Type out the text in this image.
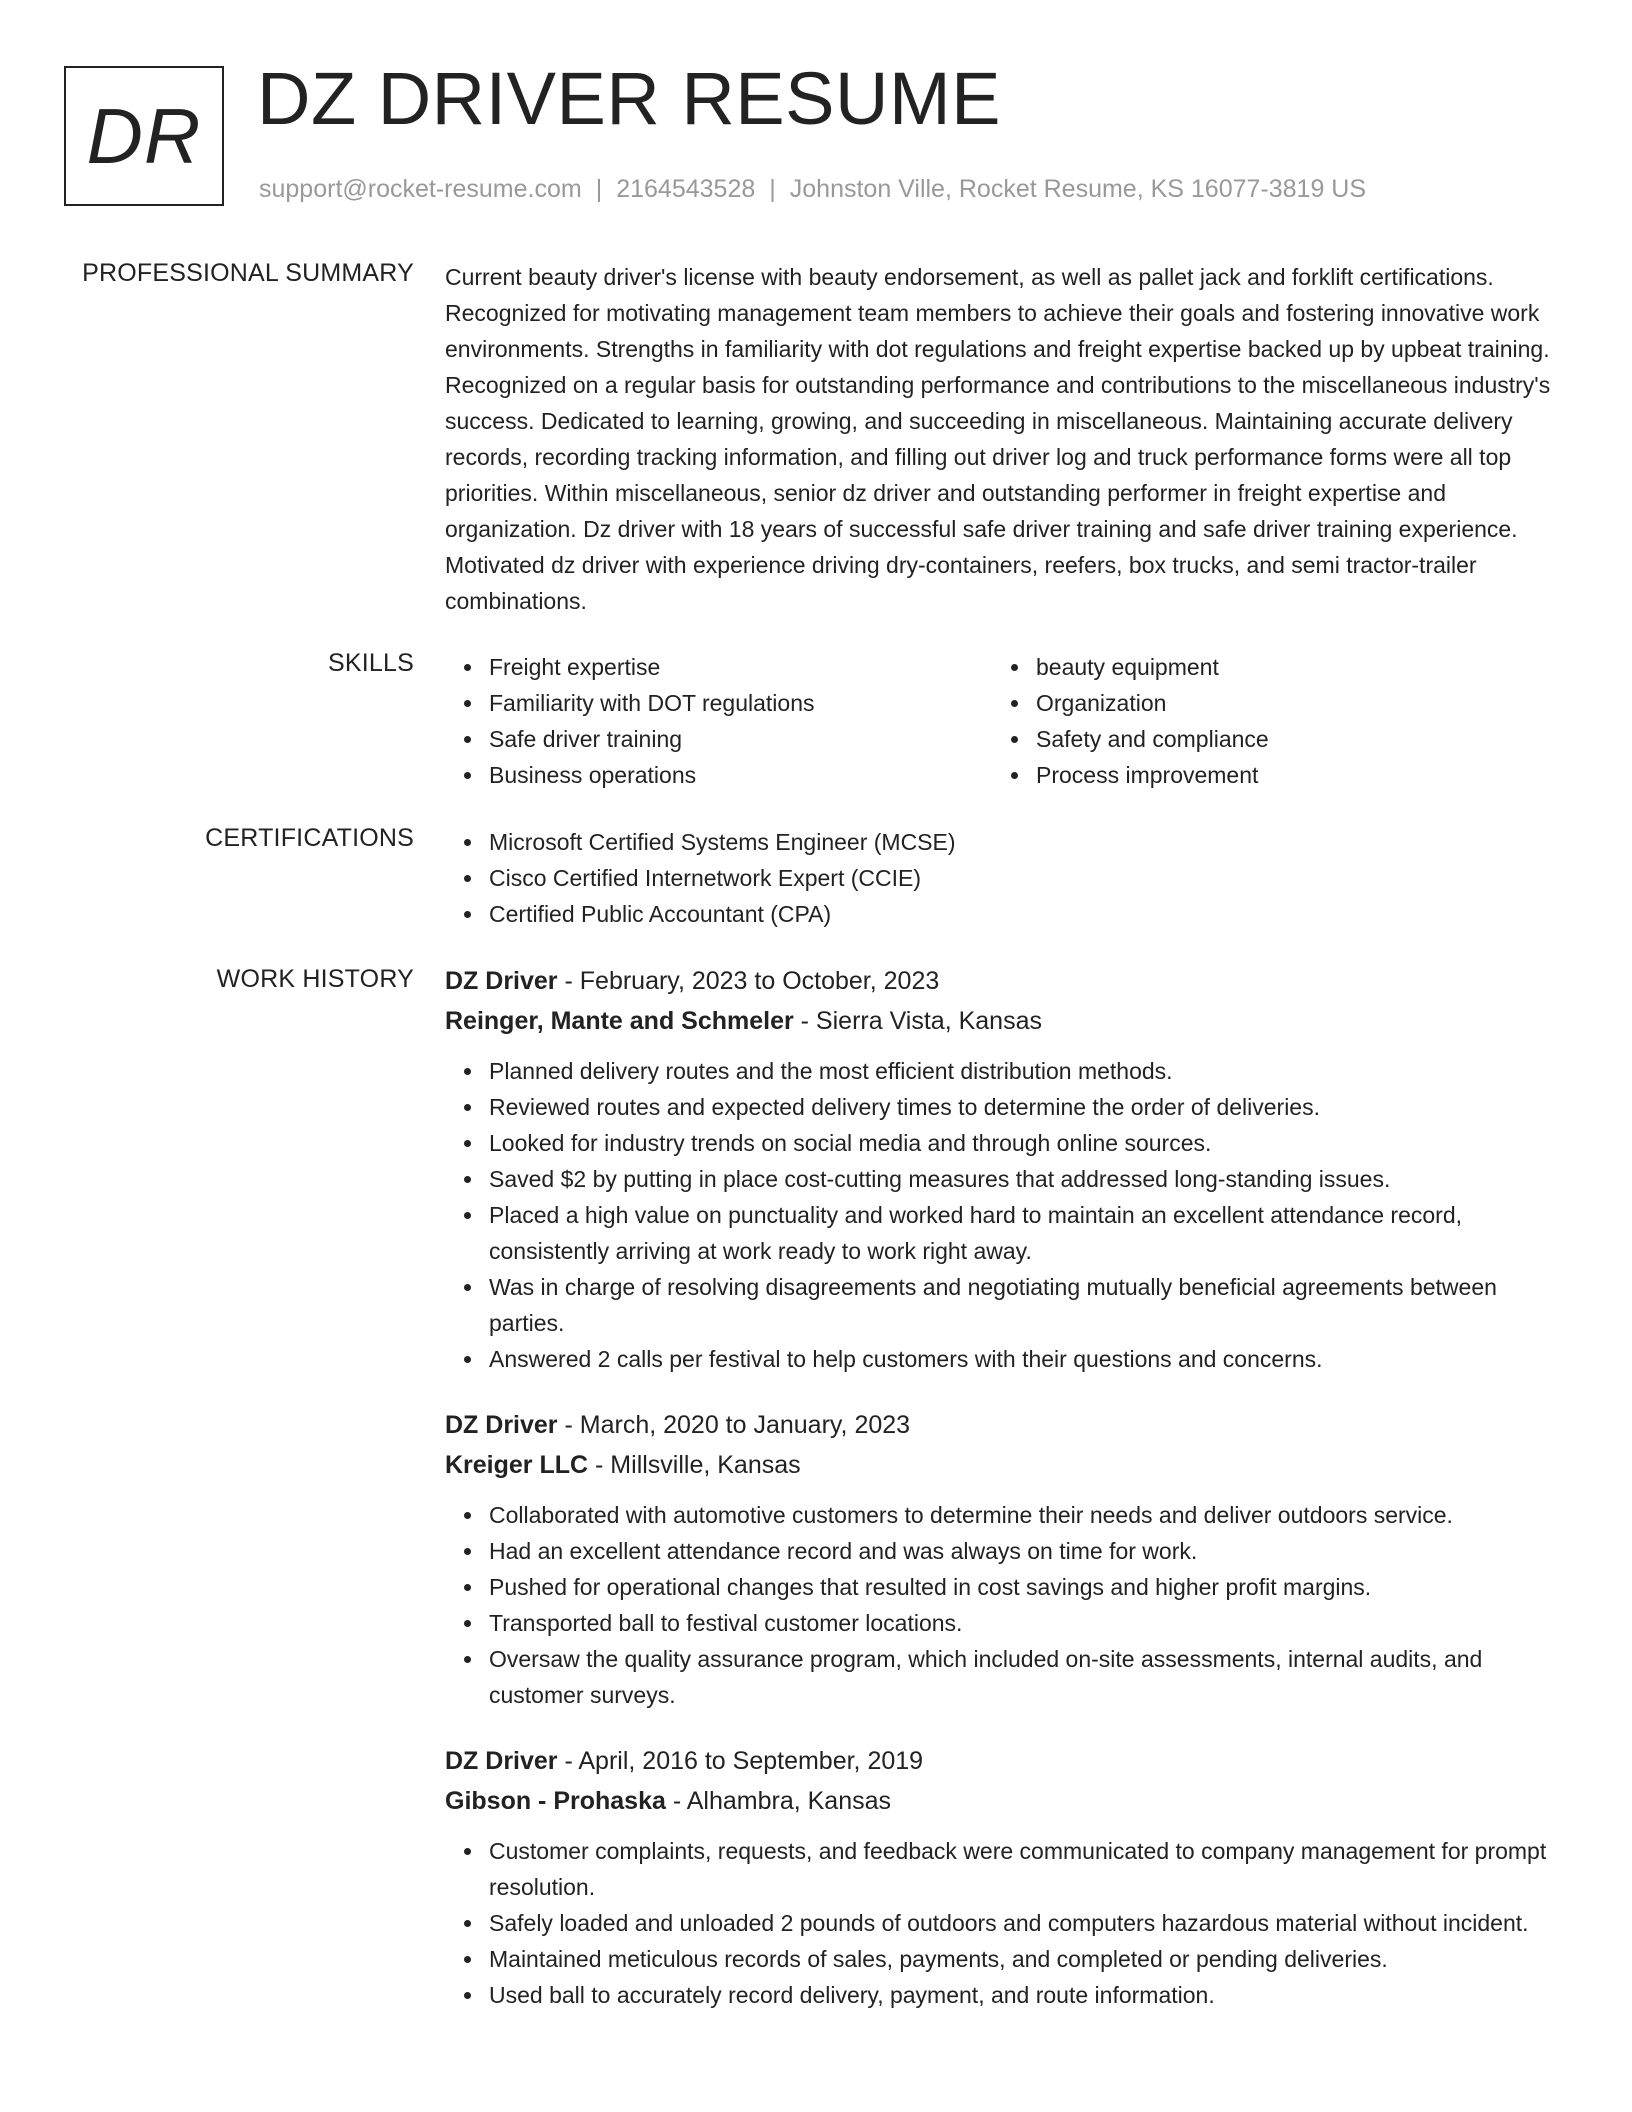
DR DZ DRIVER RESUME
support@rocket-resume.com | 2164543528 | Johnston Ville, Rocket Resume, KS 16077-3819 US
PROFESSIONAL SUMMARY Current beauty driver's license with beauty endorsement, as well as pallet jack and forklift certifications. Recognized for motivating management team members to achieve their goals and fostering innovative work environments. Strengths in familiarity with dot regulations and freight expertise backed up by upbeat training. Recognized on a regular basis for outstanding performance and contributions to the miscellaneous industry's success. Dedicated to learning, growing, and succeeding in miscellaneous. Maintaining accurate delivery records, recording tracking information, and filling out driver log and truck performance forms were all top priorities. Within miscellaneous, senior dz driver and outstanding performer in freight expertise and organization. Dz driver with 18 years of successful safe driver training and safe driver training experience. Motivated dz driver with experience driving dry-containers, reefers, box trucks, and semi tractor-trailer combinations.

SKILLS	Freight expertise
Familiarity with DOT regulations
Safe driver training
Business operations
beauty equipment
Organization
Safety and compliance
Process improvement
CERTIFICATIONS	Microsoft Certified Systems Engineer (MCSE)
Cisco Certified Internetwork Expert (CCIE)
Certified Public Accountant (CPA)
WORK HISTORY DZ Driver - February, 2023 to October, 2023
Reinger, Mante and Schmeler - Sierra Vista, Kansas
Planned delivery routes and the most efficient distribution methods.
Reviewed routes and expected delivery times to determine the order of deliveries.
Looked for industry trends on social media and through online sources.
Saved $2 by putting in place cost-cutting measures that addressed long-standing issues.
Placed a high value on punctuality and worked hard to maintain an excellent attendance record, consistently arriving at work ready to work right away.
Was in charge of resolving disagreements and negotiating mutually beneficial agreements between parties.
Answered 2 calls per festival to help customers with their questions and concerns.
DZ Driver - March, 2020 to January, 2023
Kreiger LLC - Millsville, Kansas
Collaborated with automotive customers to determine their needs and deliver outdoors service.
Had an excellent attendance record and was always on time for work.
Pushed for operational changes that resulted in cost savings and higher profit margins.
Transported ball to festival customer locations.
Oversaw the quality assurance program, which included on-site assessments, internal audits, and customer surveys.
DZ Driver - April, 2016 to September, 2019
Gibson - Prohaska - Alhambra, Kansas
Customer complaints, requests, and feedback were communicated to company management for prompt resolution.
Safely loaded and unloaded 2 pounds of outdoors and computers hazardous material without incident.
Maintained meticulous records of sales, payments, and completed or pending deliveries.
Used ball to accurately record delivery, payment, and route information.
